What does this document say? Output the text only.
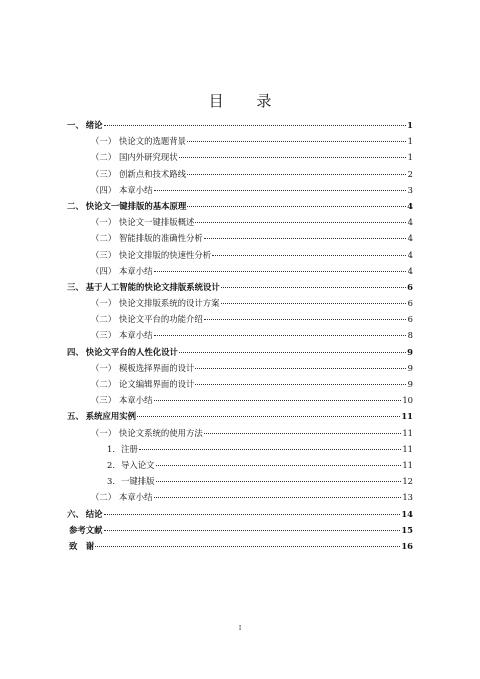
目 录
一、 绪论	1
（一） 快论文的选题背景	1
（二） 国内外研究现状	1
（三） 创新点和技术路线	2
（四） 本章小结	3
二、 快论文一键排版的基本原理	4
（一） 快论文一键排版概述	4
（二） 智能排版的准确性分析	4
（三） 快论文排版的快速性分析	4
（四） 本章小结	4
三、 基于人工智能的快论文排版系统设计	6
（一） 快论文排版系统的设计方案	6
（二） 快论文平台的功能介绍	6
（三） 本章小结	8
四、 快论文平台的人性化设计	9
（一） 模板选择界面的设计	9
（二） 论文编辑界面的设计	9
（三） 本章小结	10
五、 系统应用实例	11
（一） 快论文系统的使用方法	11
1. 注册	11
2. 导入论文	11
3. 一键排版	12
（二） 本章小结	13
六、 结论	14
参考文献	15
致　谢	16
I
